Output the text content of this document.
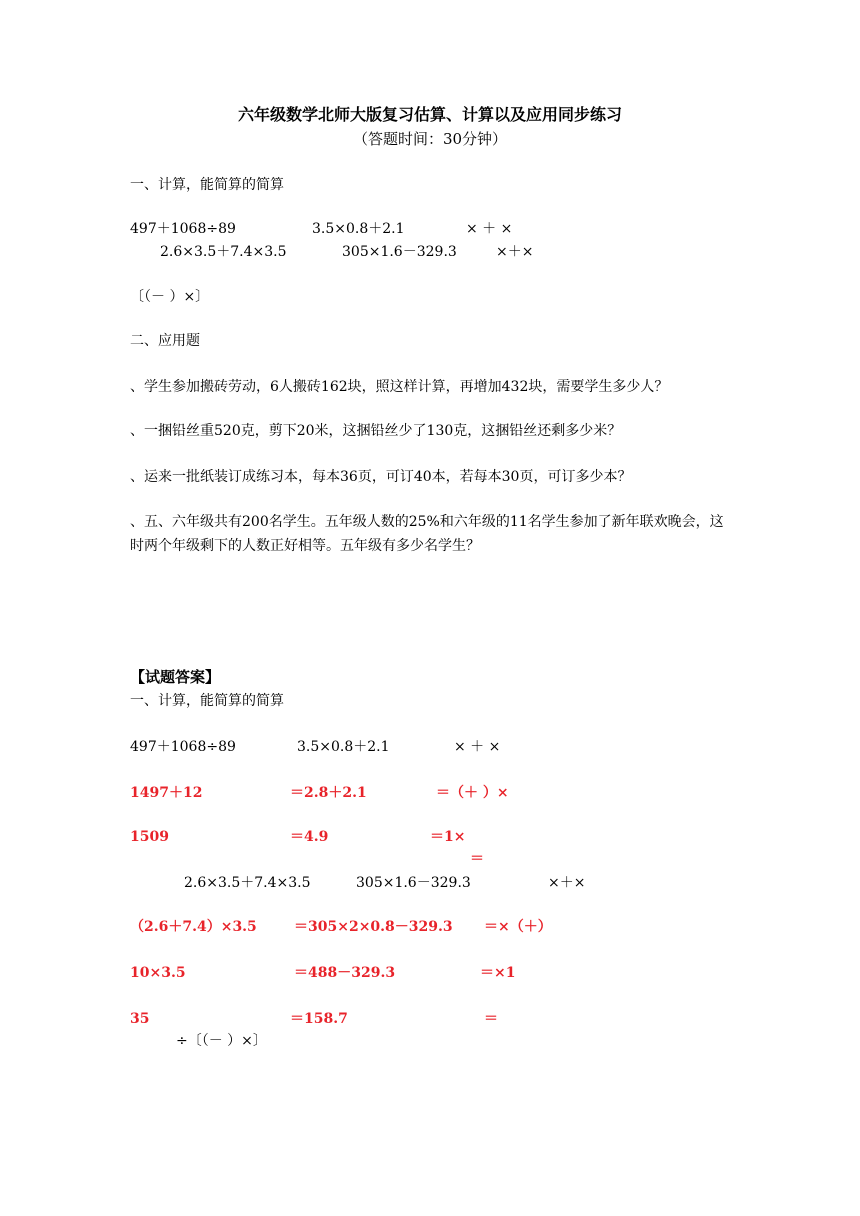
六年级数学北师大版复习估算、计算以及应用同步练习
（答题时间：30分钟）
一、计算，能简算的简算
497＋1068÷89	3.5×0.8＋2.1	× ＋ ×
2.6×3.5＋7.4×3.5	305×1.6－329.3	×＋×
〔（－ ）×〕
二、应用题
、学生参加搬砖劳动，6人搬砖162块，照这样计算，再增加432块，需要学生多少人？
、一捆铅丝重520克，剪下20米，这捆铅丝少了130克，这捆铅丝还剩多少米？
、运来一批纸装订成练习本，每本36页，可订40本，若每本30页，可订多少本？
、五、六年级共有200名学生。五年级人数的25%和六年级的11名学生参加了新年联欢晚会，这时两个年级剩下的人数正好相等。五年级有多少名学生？
【试题答案】
一、计算，能简算的简算
497＋1068÷89	3.5×0.8＋2.1	× ＋ ×
1497＋12	＝2.8＋2.1	＝（＋ ）×
1509	＝4.9	＝1×
＝
2.6×3.5＋7.4×3.5	305×1.6－329.3	×＋×
（2.6＋7.4）×3.5	＝305×2×0.8－329.3 ＝×（＋）
10×3.5	＝488－329.3	＝×1
35	＝158.7	＝
÷〔（－ ）×〕
